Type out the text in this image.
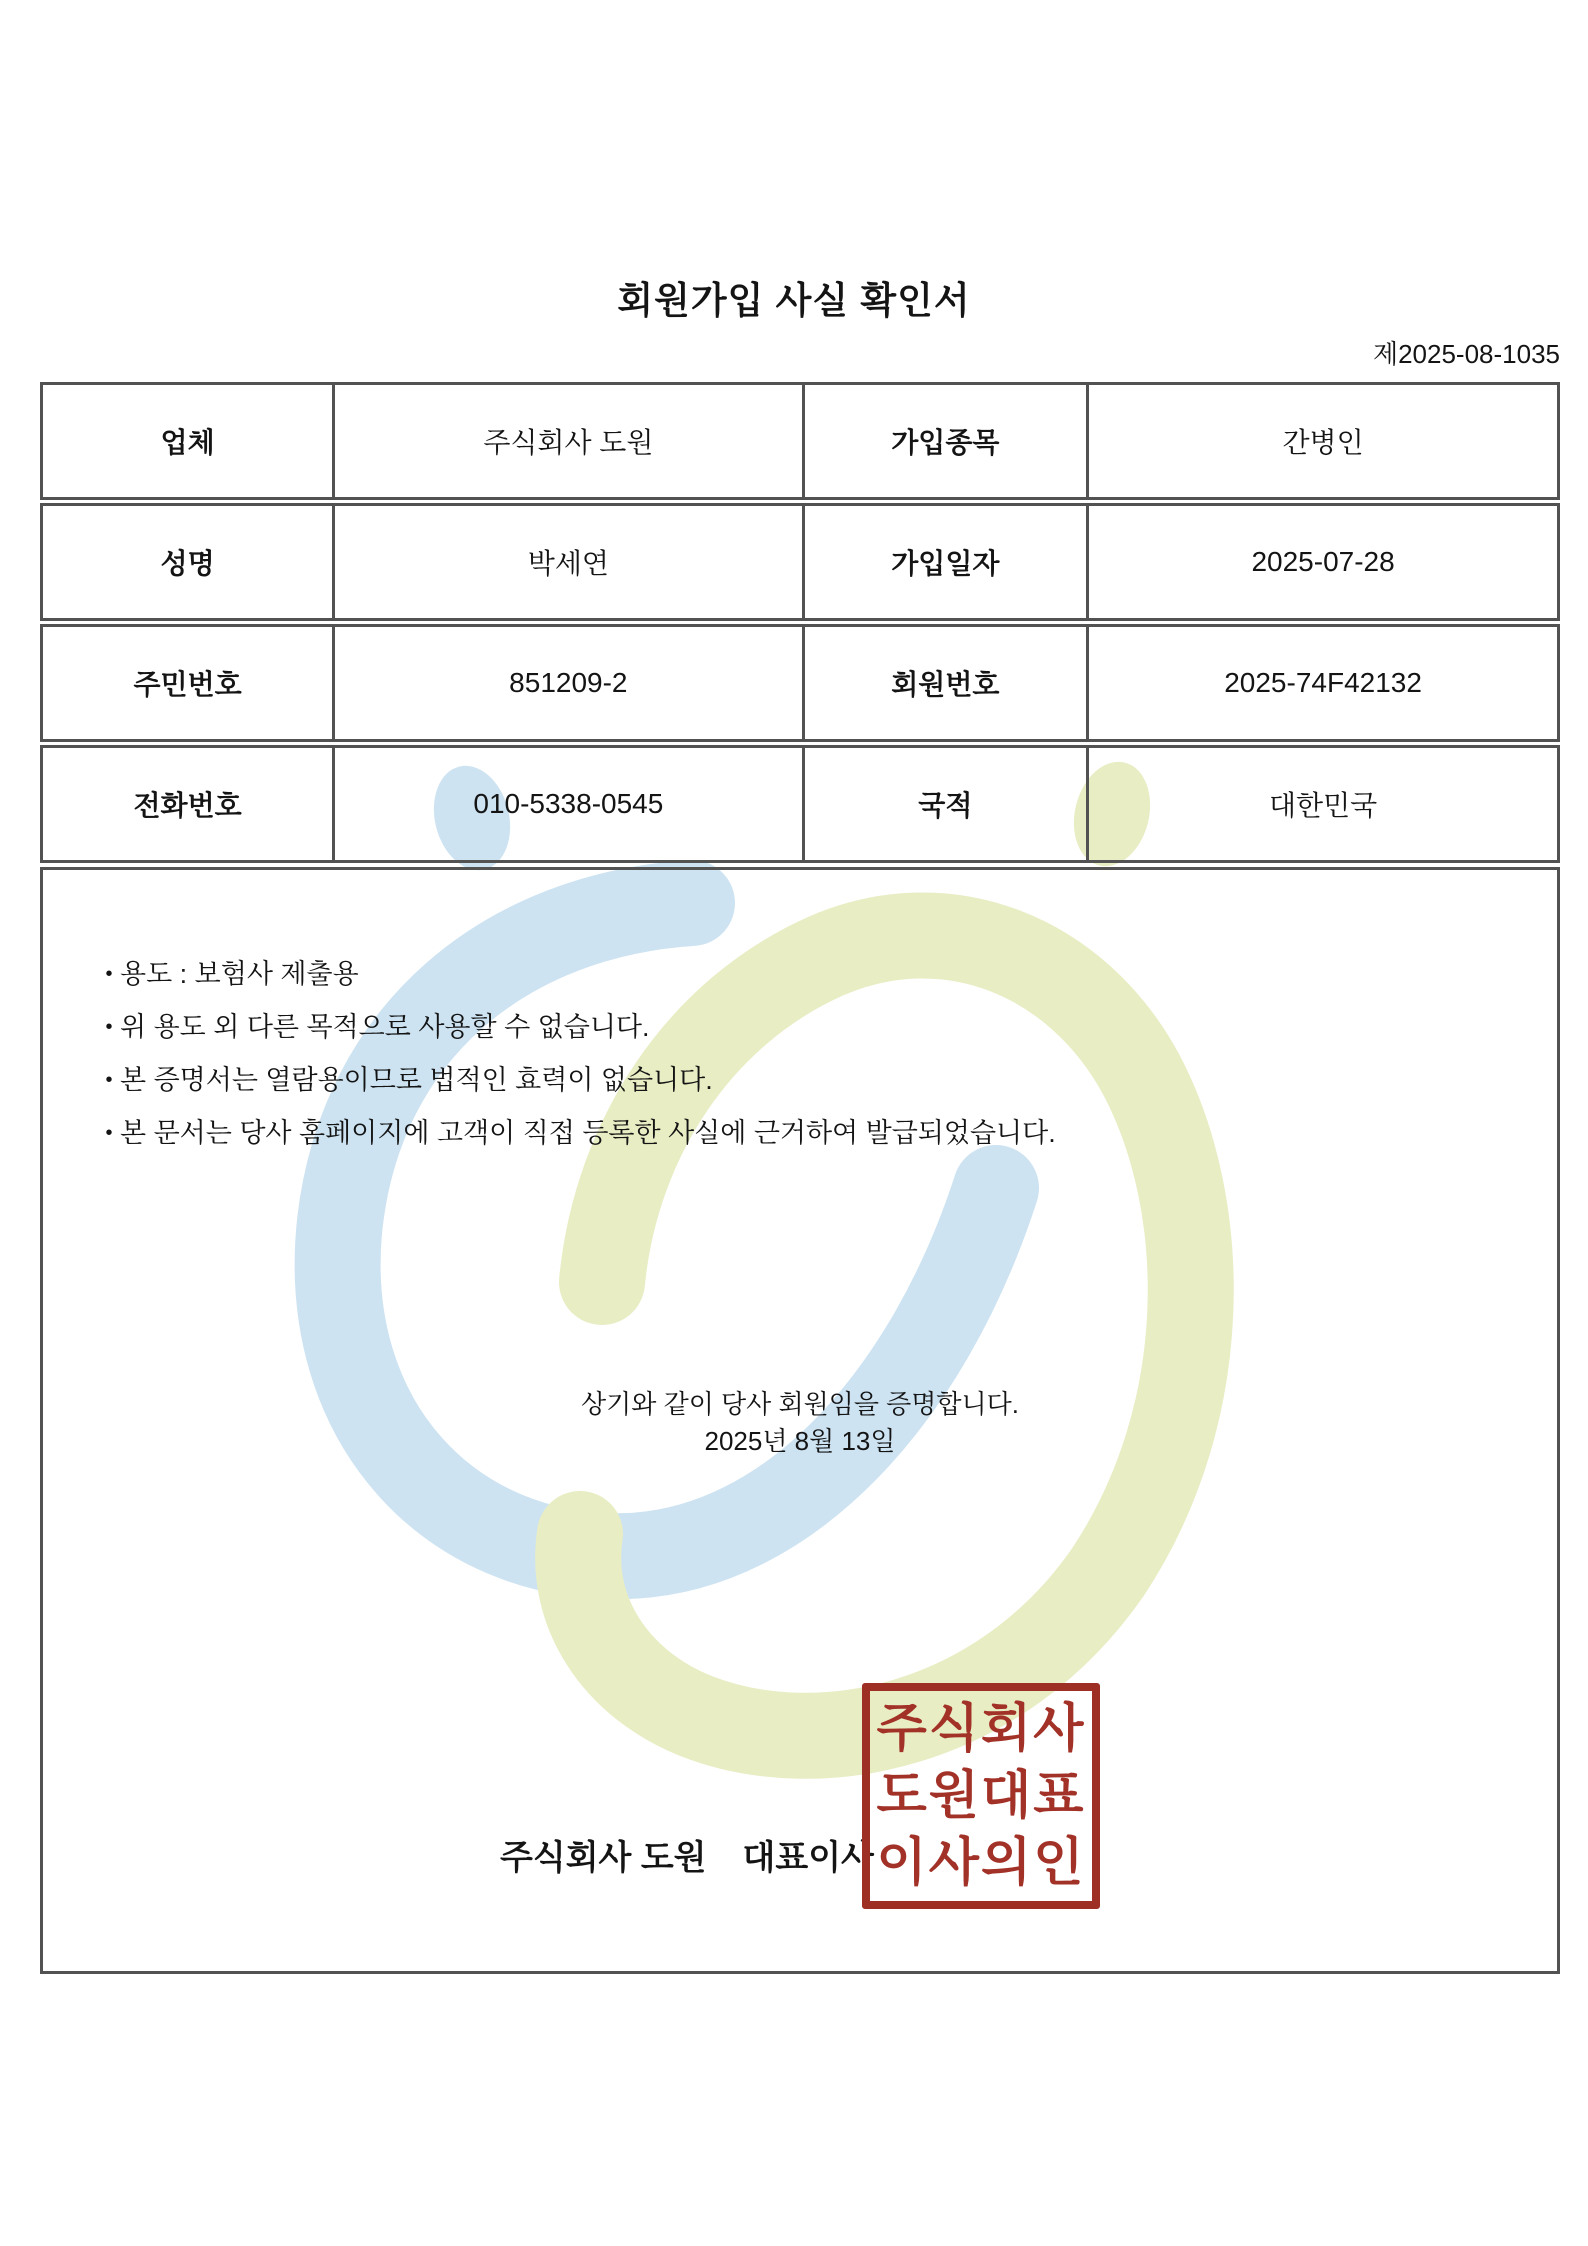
회원가입 사실 확인서
제2025-08-1035
업체	주식회사 도원	가입종목	간병인
성명	박세연	가입일자	2025-07-28
주민번호	851209-2	회원번호	2025-74F42132
전화번호	010-5338-0545	국적	대한민국
• 용도 : 보험사 제출용
• 위 용도 외 다른 목적으로 사용할 수 없습니다.
• 본 증명서는 열람용이므로 법적인 효력이 없습니다.
• 본 문서는 당사 홈페이지에 고객이 직접 등록한 사실에 근거하여 발급되었습니다.
상기와 같이 당사 회원임을 증명합니다.
2025년 8월 13일
주식회사 도원 대표이사
주식회사
도원대표
이사의인
